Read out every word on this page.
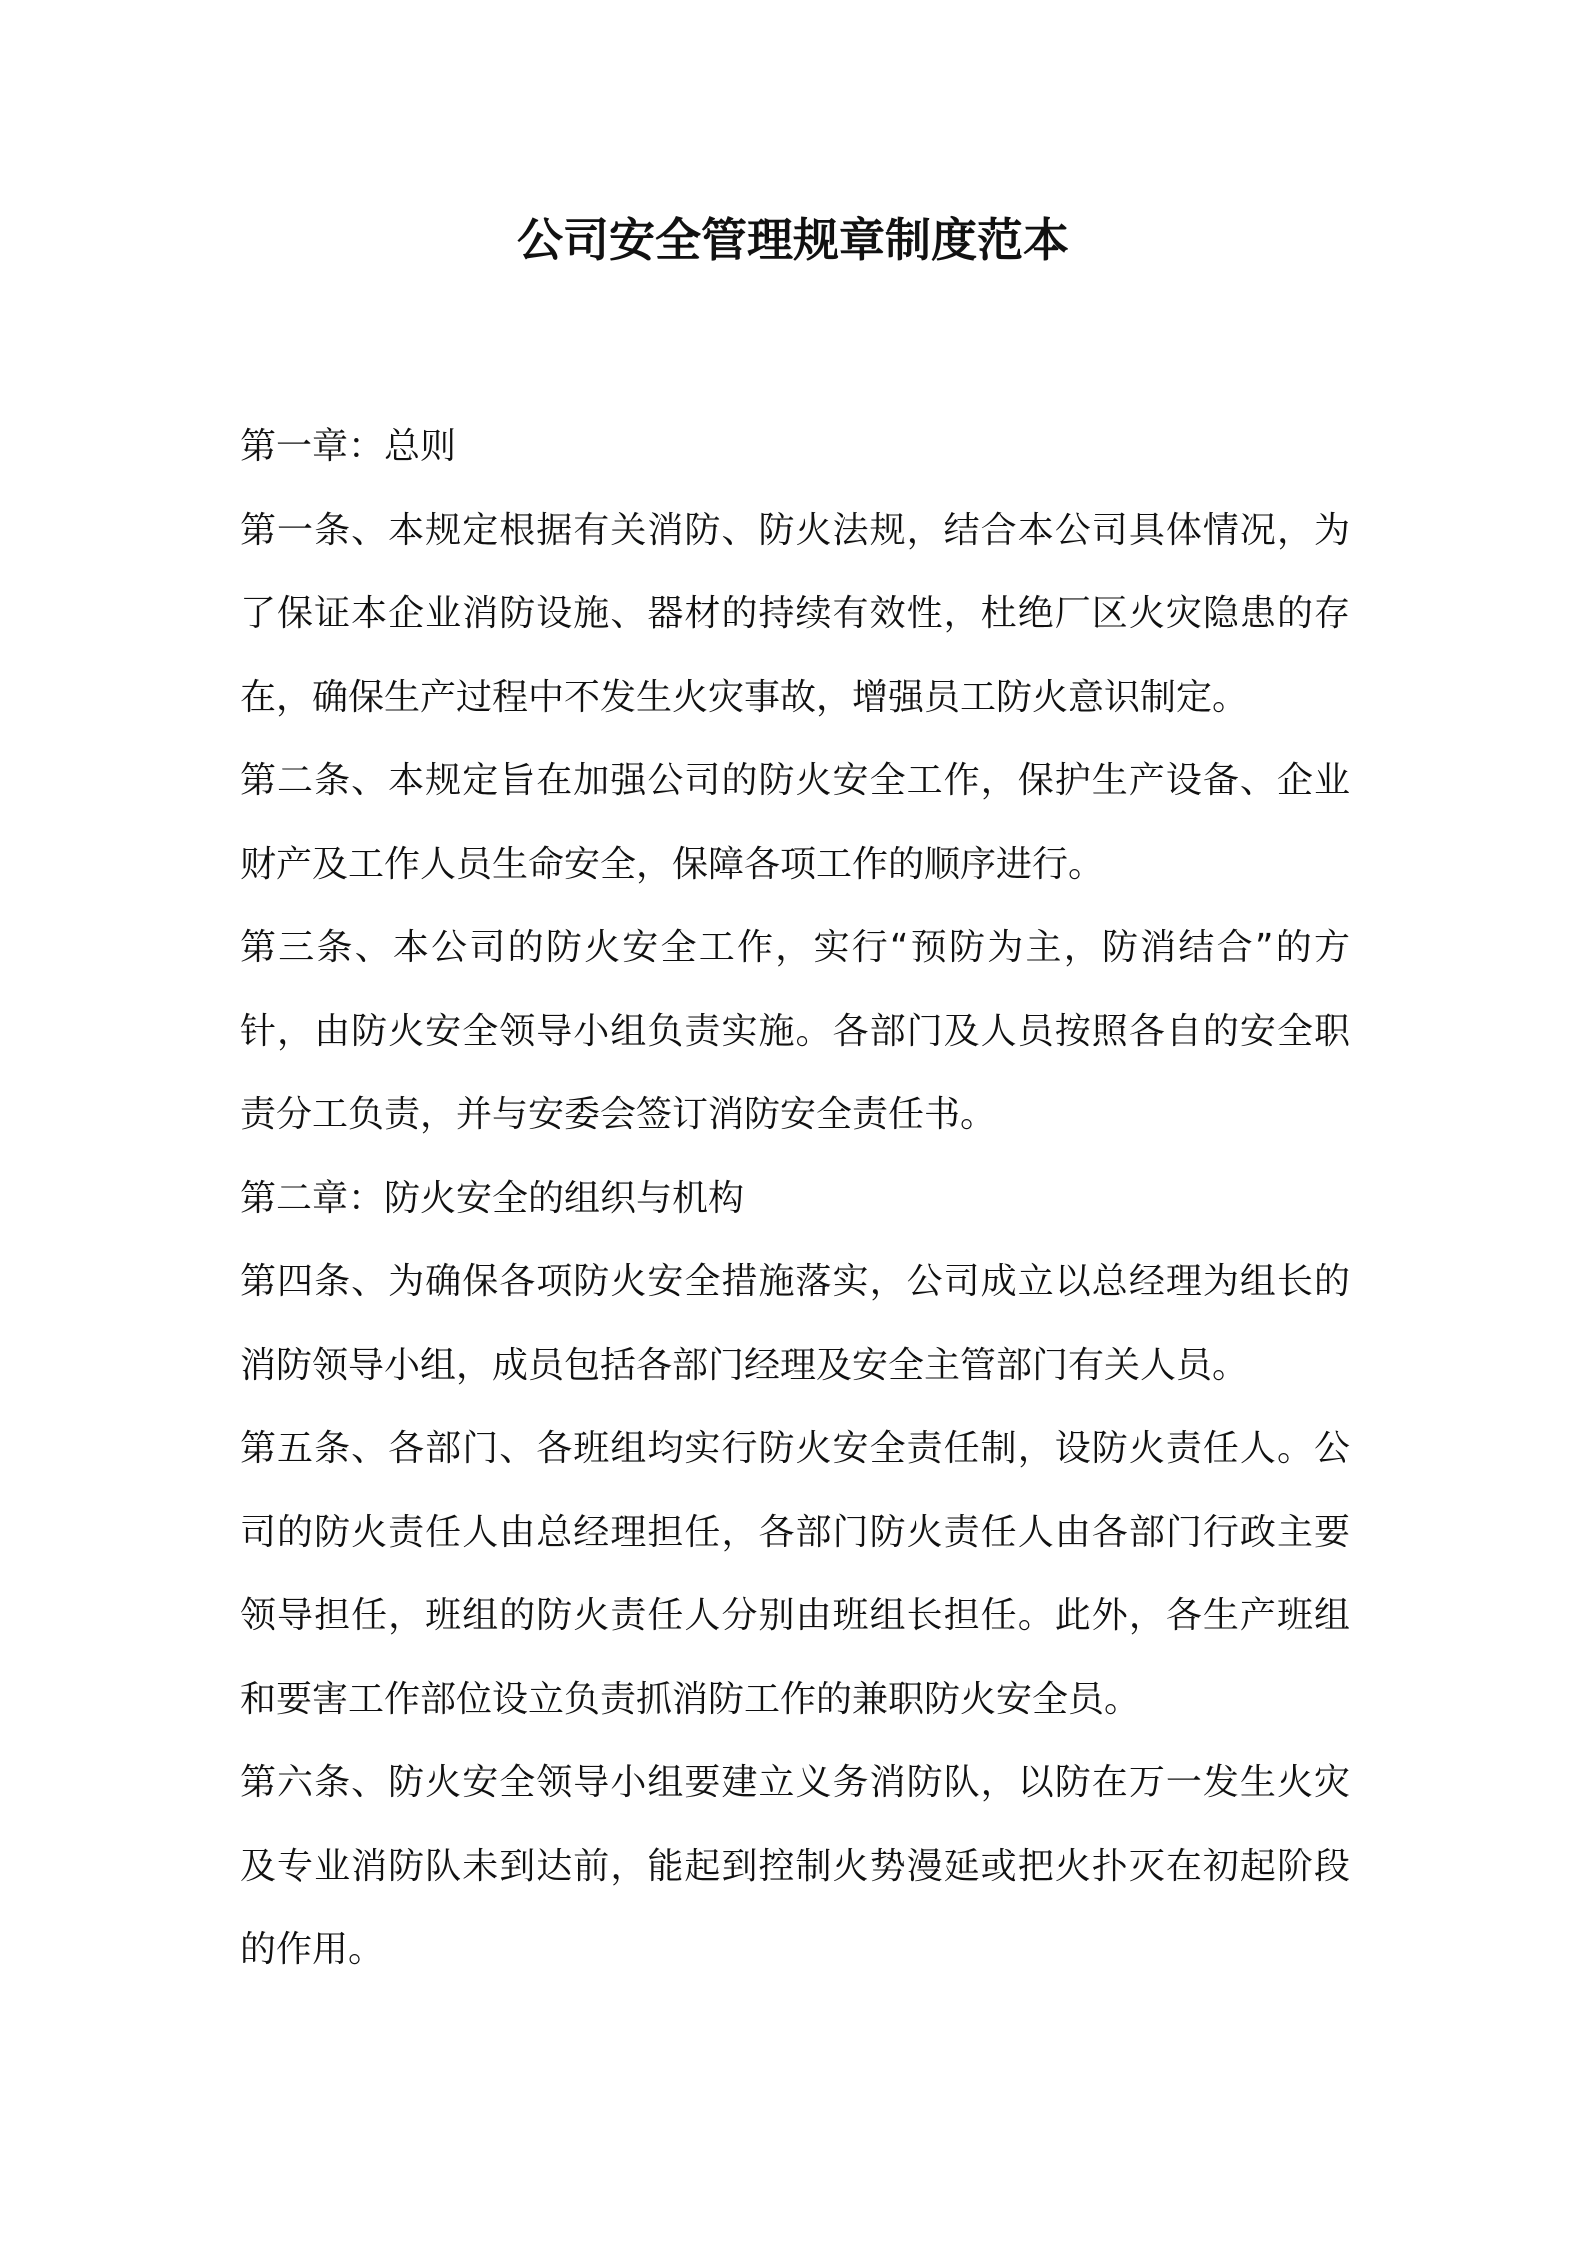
公司安全管理规章制度范本

第一章：总则

第一条、本规定根据有关消防、防火法规，结合本公司具体情况，为了保证本企业消防设施、器材的持续有效性，杜绝厂区火灾隐患的存在，确保生产过程中不发生火灾事故，增强员工防火意识制定。

第二条、本规定旨在加强公司的防火安全工作，保护生产设备、企业财产及工作人员生命安全，保障各项工作的顺序进行。

第三条、本公司的防火安全工作，实行“预防为主，防消结合”的方针，由防火安全领导小组负责实施。各部门及人员按照各自的安全职责分工负责，并与安委会签订消防安全责任书。

第二章：防火安全的组织与机构

第四条、为确保各项防火安全措施落实，公司成立以总经理为组长的消防领导小组，成员包括各部门经理及安全主管部门有关人员。

第五条、各部门、各班组均实行防火安全责任制，设防火责任人。公司的防火责任人由总经理担任，各部门防火责任人由各部门行政主要领导担任，班组的防火责任人分别由班组长担任。此外，各生产班组和要害工作部位设立负责抓消防工作的兼职防火安全员。

第六条、防火安全领导小组要建立义务消防队，以防在万一发生火灾及专业消防队未到达前，能起到控制火势漫延或把火扑灭在初起阶段的作用。
